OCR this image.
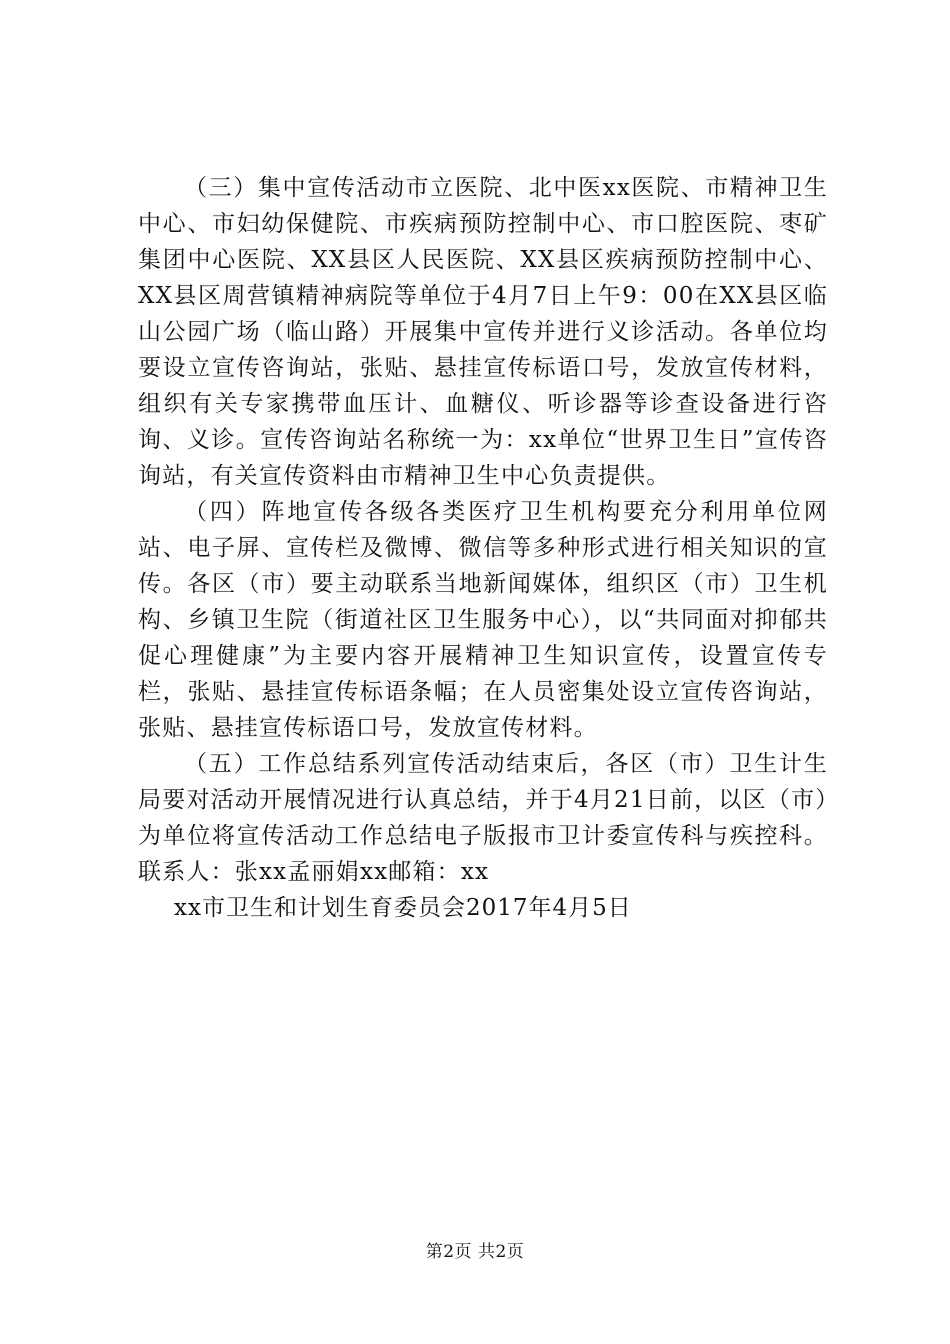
（三）集中宣传活动市立医院、北中医xx医院、市精神卫生中心、市妇幼保健院、市疾病预防控制中心、市口腔医院、枣矿集团中心医院、XX县区人民医院、XX县区疾病预防控制中心、XX县区周营镇精神病院等单位于4月7日上午9：00在XX县区临山公园广场（临山路）开展集中宣传并进行义诊活动。各单位均要设立宣传咨询站，张贴、悬挂宣传标语口号，发放宣传材料，组织有关专家携带血压计、血糖仪、听诊器等诊查设备进行咨询、义诊。宣传咨询站名称统一为：xx单位“世界卫生日”宣传咨询站，有关宣传资料由市精神卫生中心负责提供。

（四）阵地宣传各级各类医疗卫生机构要充分利用单位网站、电子屏、宣传栏及微博、微信等多种形式进行相关知识的宣传。各区（市）要主动联系当地新闻媒体，组织区（市）卫生机构、乡镇卫生院（街道社区卫生服务中心），以“共同面对抑郁共促心理健康”为主要内容开展精神卫生知识宣传，设置宣传专栏，张贴、悬挂宣传标语条幅；在人员密集处设立宣传咨询站，张贴、悬挂宣传标语口号，发放宣传材料。

（五）工作总结系列宣传活动结束后，各区（市）卫生计生局要对活动开展情况进行认真总结，并于4月21日前，以区（市）为单位将宣传活动工作总结电子版报市卫计委宣传科与疾控科。联系人：张xx孟丽娟xx邮箱：xx

xx市卫生和计划生育委员会2017年4月5日

第2页 共2页
